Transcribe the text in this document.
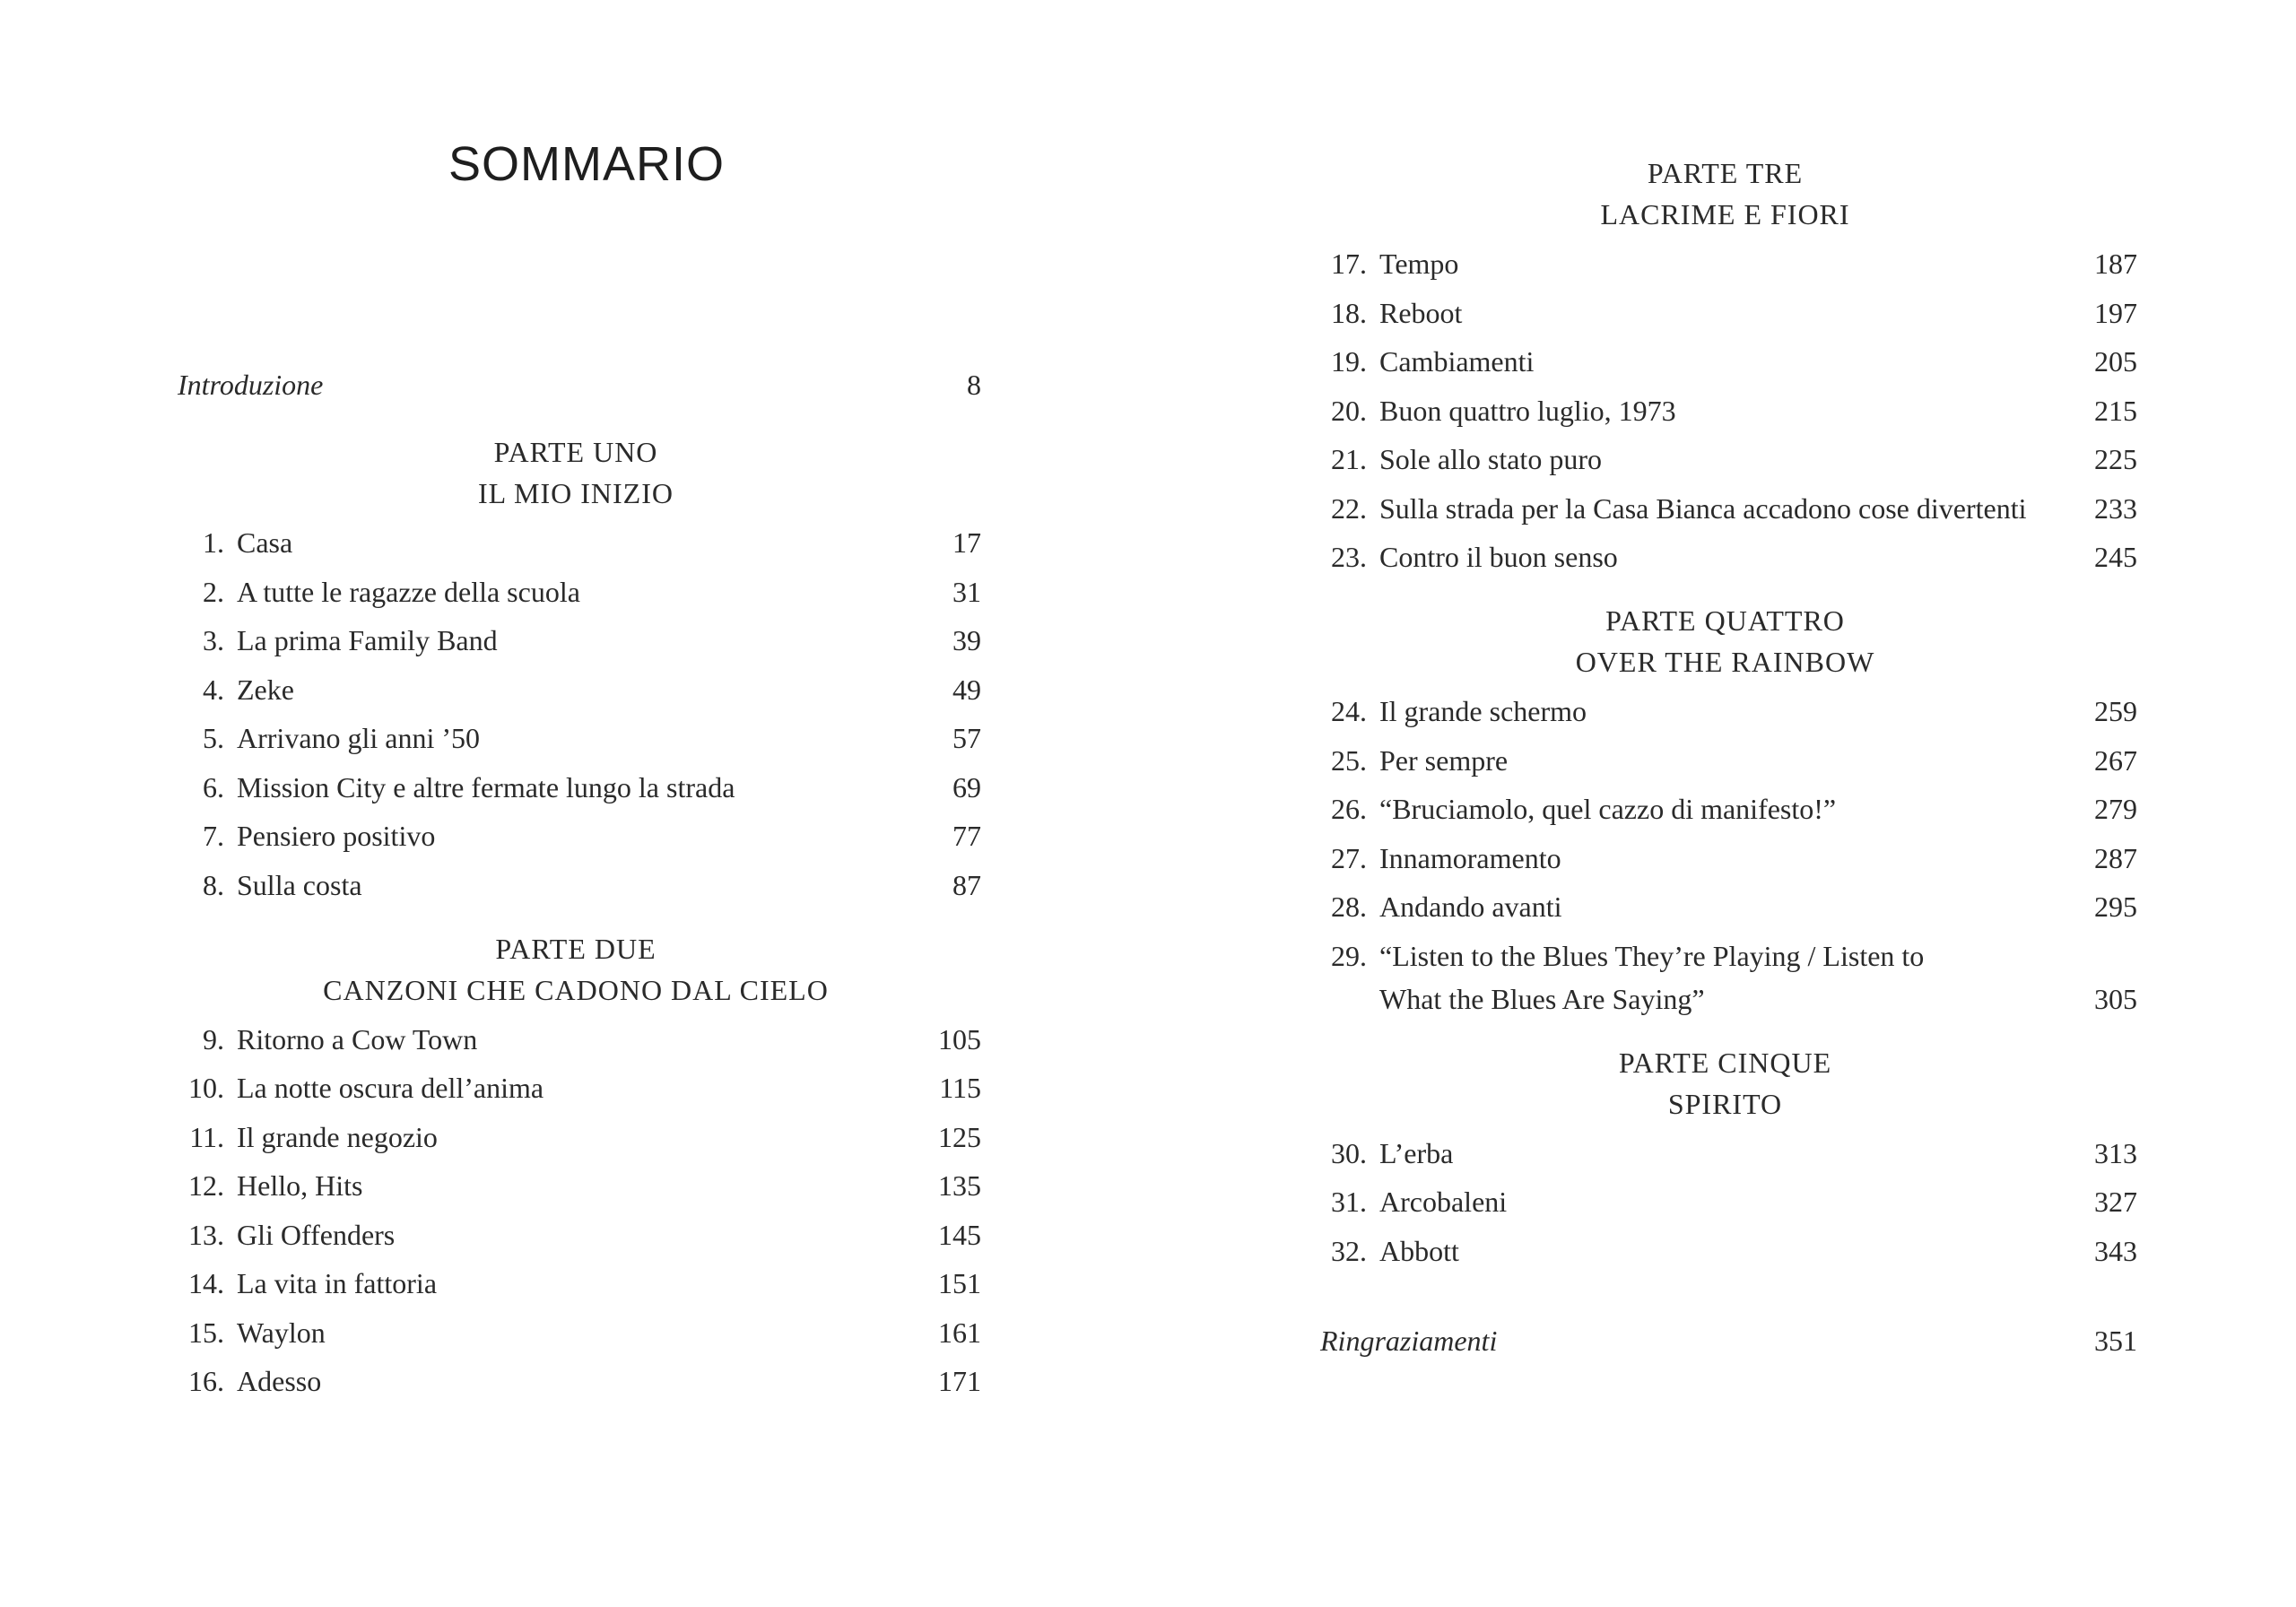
SOMMARIO
Introduzione	8
PARTE UNO
IL MIO INIZIO
1. Casa	17
2. A tutte le ragazze della scuola	31
3. La prima Family Band	39
4. Zeke	49
5. Arrivano gli anni ’50	57
6. Mission City e altre fermate lungo la strada	69
7. Pensiero positivo	77
8. Sulla costa	87
PARTE DUE
CANZONI CHE CADONO DAL CIELO
9. Ritorno a Cow Town	105
10. La notte oscura dell’anima	115
11. Il grande negozio	125
12. Hello, Hits	135
13. Gli Offenders	145
14. La vita in fattoria	151
15. Waylon	161
16. Adesso	171
PARTE TRE
LACRIME E FIORI
17. Tempo	187
18. Reboot	197
19. Cambiamenti	205
20. Buon quattro luglio, 1973	215
21. Sole allo stato puro	225
22. Sulla strada per la Casa Bianca accadono cose divertenti	233
23. Contro il buon senso	245
PARTE QUATTRO
OVER THE RAINBOW
24. Il grande schermo	259
25. Per sempre	267
26. “Bruciamolo, quel cazzo di manifesto!”	279
27. Innamoramento	287
28. Andando avanti	295
29. “Listen to the Blues They’re Playing / Listen to What the Blues Are Saying”	305
PARTE CINQUE
SPIRITO
30. L’erba	313
31. Arcobaleni	327
32. Abbott	343
Ringraziamenti	351
